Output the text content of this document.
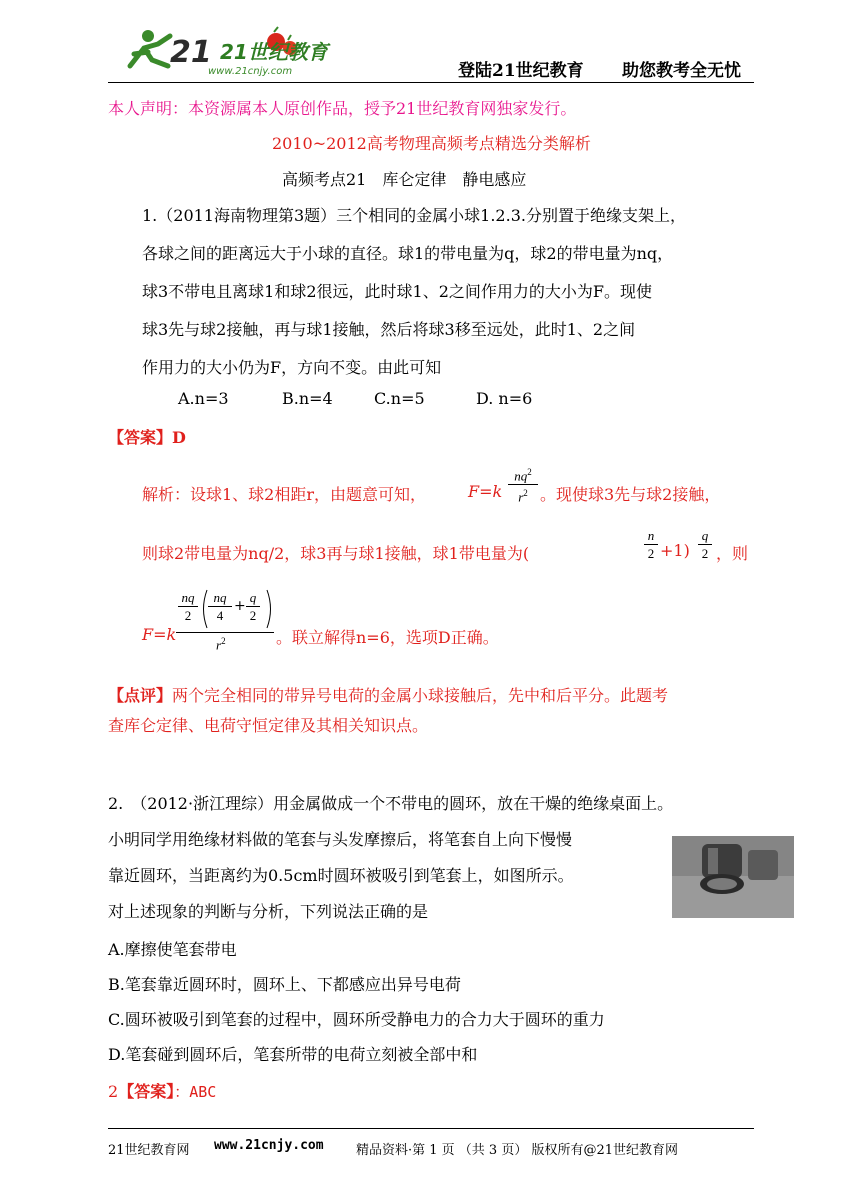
21
www.21cnjy.com
21世纪教育
登陆21世纪教育 助您教考全无忧
本人声明：本资源属本人原创作品，授予21世纪教育网独家发行。
2010~2012高考物理高频考点精选分类解析
高频考点21　库仑定律　静电感应
1.（2011海南物理第3题）三个相同的金属小球1.2.3.分别置于绝缘支架上，
各球之间的距离远大于小球的直径。球1的带电量为q，球2的带电量为nq，
球3不带电且离球1和球2很远，此时球1、2之间作用力的大小为F。现使
球3先与球2接触，再与球1接触，然后将球3移至远处，此时1、2之间
作用力的大小仍为F，方向不变。由此可知
A.n=3	B.n=4	C.n=5	D. n=6
【答案】D
解析：设球1、球2相距r，由题意可知，	F=k
$nq^2$
$r^2$ 。现使球3先与球2接触，
则球2带电量为nq/2，球3再与球1接触，球1带电量为(
n
2 +1)
q
2 ，则
F=k
nq
2
nq
4
+
q
2
$r^2$	。联立解得n=6，选项D正确。
【点评】两个完全相同的带异号电荷的金属小球接触后，先中和后平分。此题考
查库仑定律、电荷守恒定律及其相关知识点。
2.　（2012·浙江理综）用金属做成一个不带电的圆环，放在干燥的绝缘桌面上。
小明同学用绝缘材料做的笔套与头发摩擦后，将笔套自上向下慢慢
靠近圆环，当距离约为0.5cm时圆环被吸引到笔套上，如图所示。
对上述现象的判断与分析，下列说法正确的是
A.摩擦使笔套带电
B.笔套靠近圆环时，圆环上、下都感应出异号电荷
C.圆环被吸引到笔套的过程中，圆环所受静电力的合力大于圆环的重力
D.笔套碰到圆环后，笔套所带的电荷立刻被全部中和
2【答案】：ABC
21世纪教育网 www.21cnjy.com 精品资料·第 1 页 （共 3 页） 版权所有@21世纪教育网
